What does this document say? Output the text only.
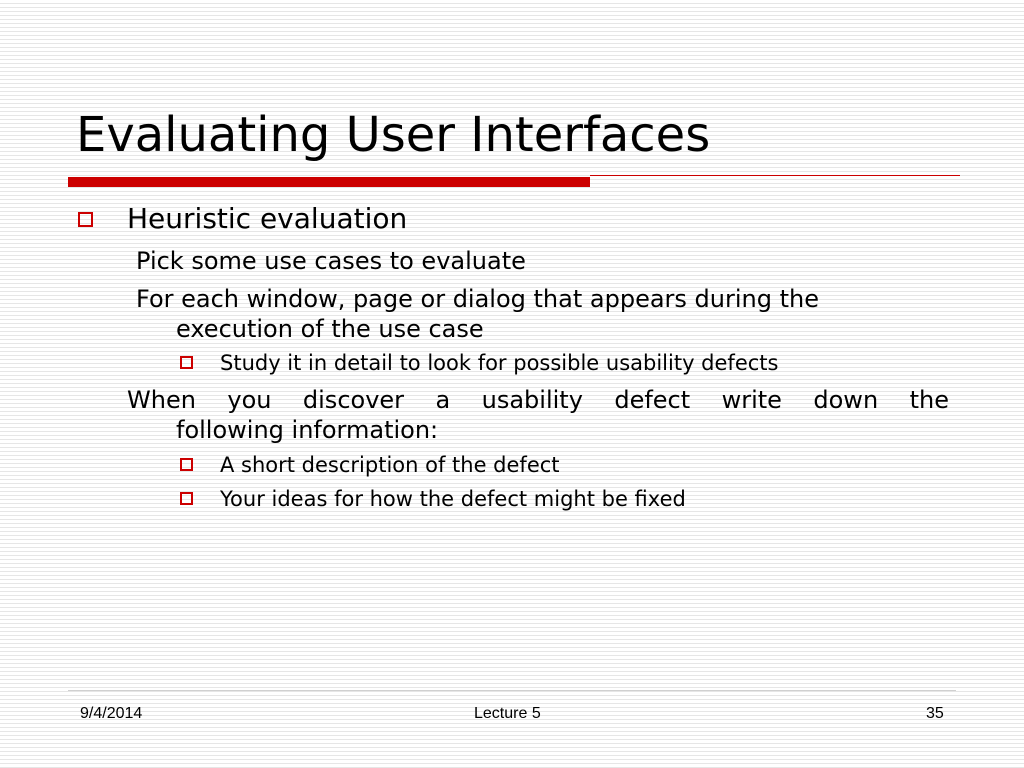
Evaluating User Interfaces
Heuristic evaluation
Pick some use cases to evaluate
For each window, page or dialog that appears during the
execution of the use case
Study it in detail to look for possible usability defects
When you discover a usability defect write down the
following information:
A short description of the defect
Your ideas for how the defect might be fixed
9/4/2014	Lecture 5	35
